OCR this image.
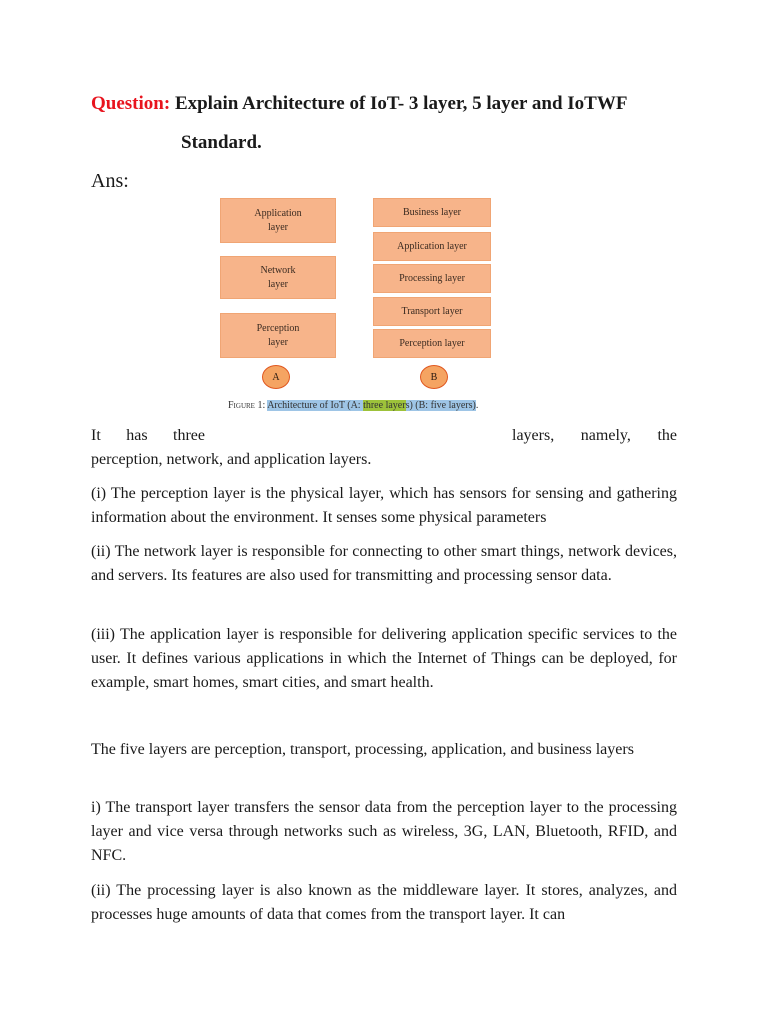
Question: Explain Architecture of IoT- 3 layer, 5 layer and IoTWF
Standard.
Ans:
Application layer
Network layer
Perception layer
A
Business layer
Application layer
Processing layer
Transport layer
Perception layer
B
Figure 1: Architecture of IoT (A: three layers) (B: five layers).
It has three	layers, namely, the
perception, network, and application layers.

(i) The perception layer is the physical layer, which has sensors for sensing and gathering information about the environment. It senses some physical parameters

(ii) The network layer is responsible for connecting to other smart things, network devices, and servers. Its features are also used for transmitting and processing sensor data.

(iii) The application layer is responsible for delivering application specific services to the user. It defines various applications in which the Internet of Things can be deployed, for example, smart homes, smart cities, and smart health.

The five layers are perception, transport, processing, application, and business layers

i) The transport layer transfers the sensor data from the perception layer to the processing layer and vice versa through networks such as wireless, 3G, LAN, Bluetooth, RFID, and NFC.

(ii) The processing layer is also known as the middleware layer. It stores, analyzes, and processes huge amounts of data that comes from the transport layer. It can
